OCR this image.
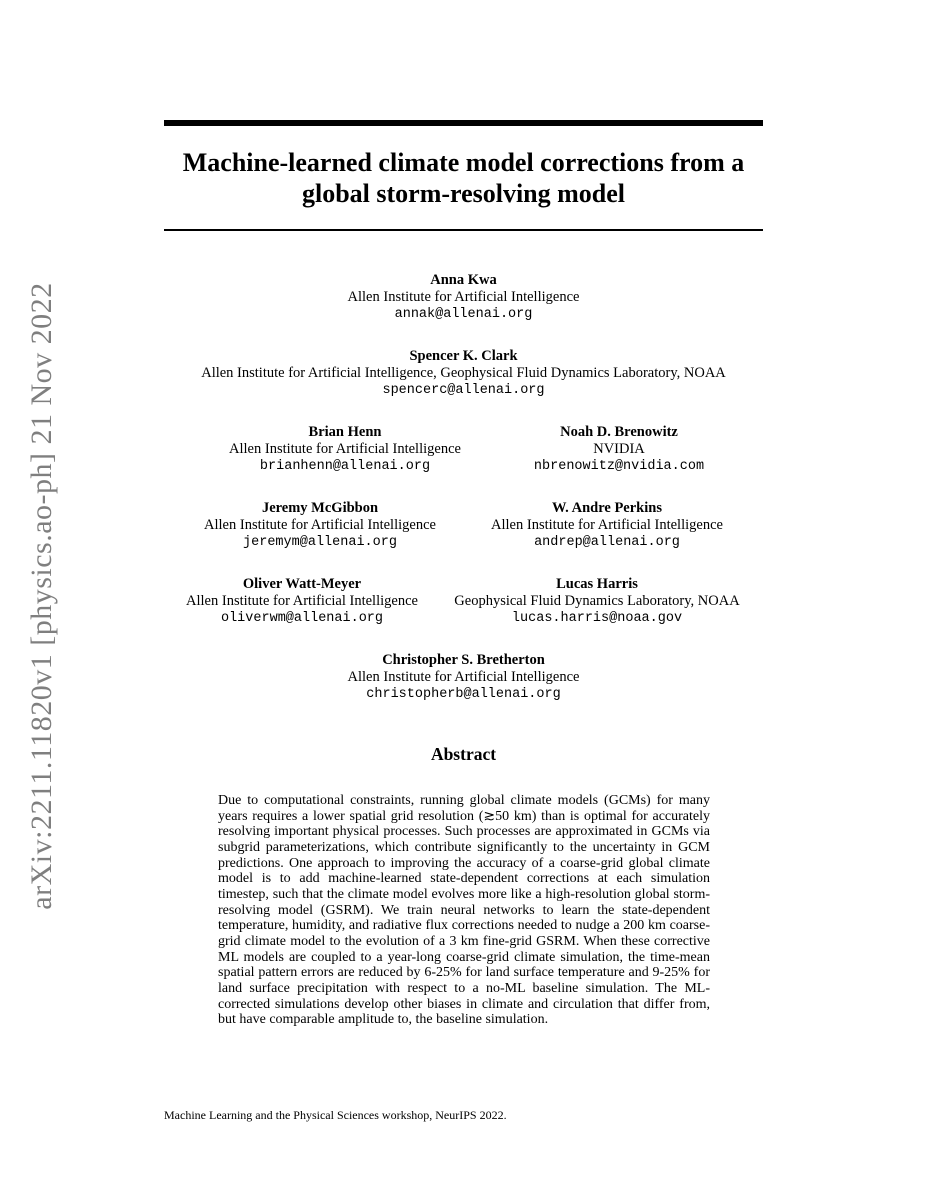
arXiv:2211.11820v1 [physics.ao-ph] 21 Nov 2022
Machine-learned climate model corrections from a global storm-resolving model
Anna Kwa
Allen Institute for Artificial Intelligence
annak@allenai.org
Spencer K. Clark
Allen Institute for Artificial Intelligence, Geophysical Fluid Dynamics Laboratory, NOAA
spencerc@allenai.org
Brian Henn
Allen Institute for Artificial Intelligence
brianhenn@allenai.org
Noah D. Brenowitz
NVIDIA
nbrenowitz@nvidia.com
Jeremy McGibbon
Allen Institute for Artificial Intelligence
jeremym@allenai.org
W. Andre Perkins
Allen Institute for Artificial Intelligence
andrep@allenai.org
Oliver Watt-Meyer
Allen Institute for Artificial Intelligence
oliverwm@allenai.org
Lucas Harris
Geophysical Fluid Dynamics Laboratory, NOAA
lucas.harris@noaa.gov
Christopher S. Bretherton
Allen Institute for Artificial Intelligence
christopherb@allenai.org
Abstract
Due to computational constraints, running global climate models (GCMs) for many years requires a lower spatial grid resolution (≳50 km) than is optimal for accurately resolving important physical processes. Such processes are approximated in GCMs via subgrid parameterizations, which contribute significantly to the uncertainty in GCM predictions. One approach to improving the accuracy of a coarse-grid global climate model is to add machine-learned state-dependent corrections at each simulation timestep, such that the climate model evolves more like a high-resolution global storm-resolving model (GSRM). We train neural networks to learn the state-dependent temperature, humidity, and radiative flux corrections needed to nudge a 200 km coarse-grid climate model to the evolution of a 3 km fine-grid GSRM. When these corrective ML models are coupled to a year-long coarse-grid climate simulation, the time-mean spatial pattern errors are reduced by 6-25% for land surface temperature and 9-25% for land surface precipitation with respect to a no-ML baseline simulation. The ML-corrected simulations develop other biases in climate and circulation that differ from, but have comparable amplitude to, the baseline simulation.
Machine Learning and the Physical Sciences workshop, NeurIPS 2022.
